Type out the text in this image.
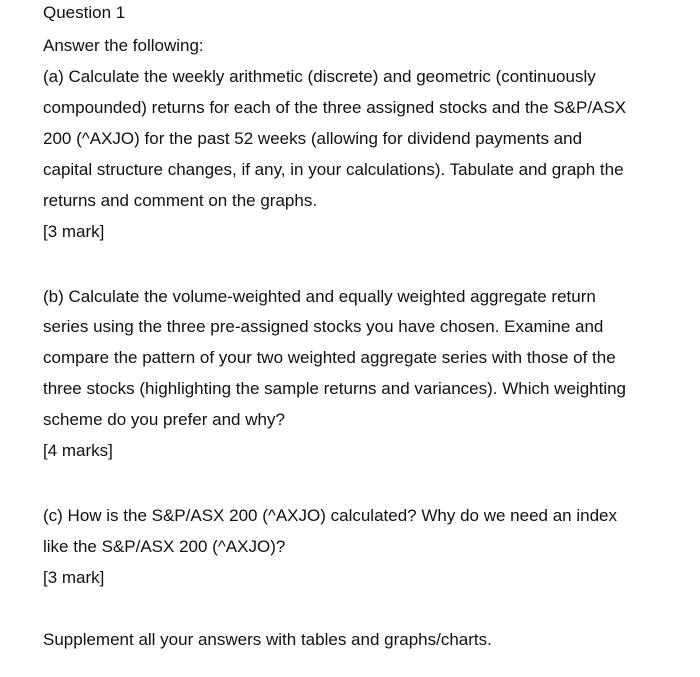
Question 1
Answer the following:
(a) Calculate the weekly arithmetic (discrete) and geometric (continuously
compounded) returns for each of the three assigned stocks and the S&P/ASX
200 (^AXJO) for the past 52 weeks (allowing for dividend payments and
capital structure changes, if any, in your calculations). Tabulate and graph the
returns and comment on the graphs.
[3 mark]
(b) Calculate the volume-weighted and equally weighted aggregate return
series using the three pre-assigned stocks you have chosen. Examine and
compare the pattern of your two weighted aggregate series with those of the
three stocks (highlighting the sample returns and variances). Which weighting
scheme do you prefer and why?
[4 marks]
(c) How is the S&P/ASX 200 (^AXJO) calculated? Why do we need an index
like the S&P/ASX 200 (^AXJO)?
[3 mark]
Supplement all your answers with tables and graphs/charts.
